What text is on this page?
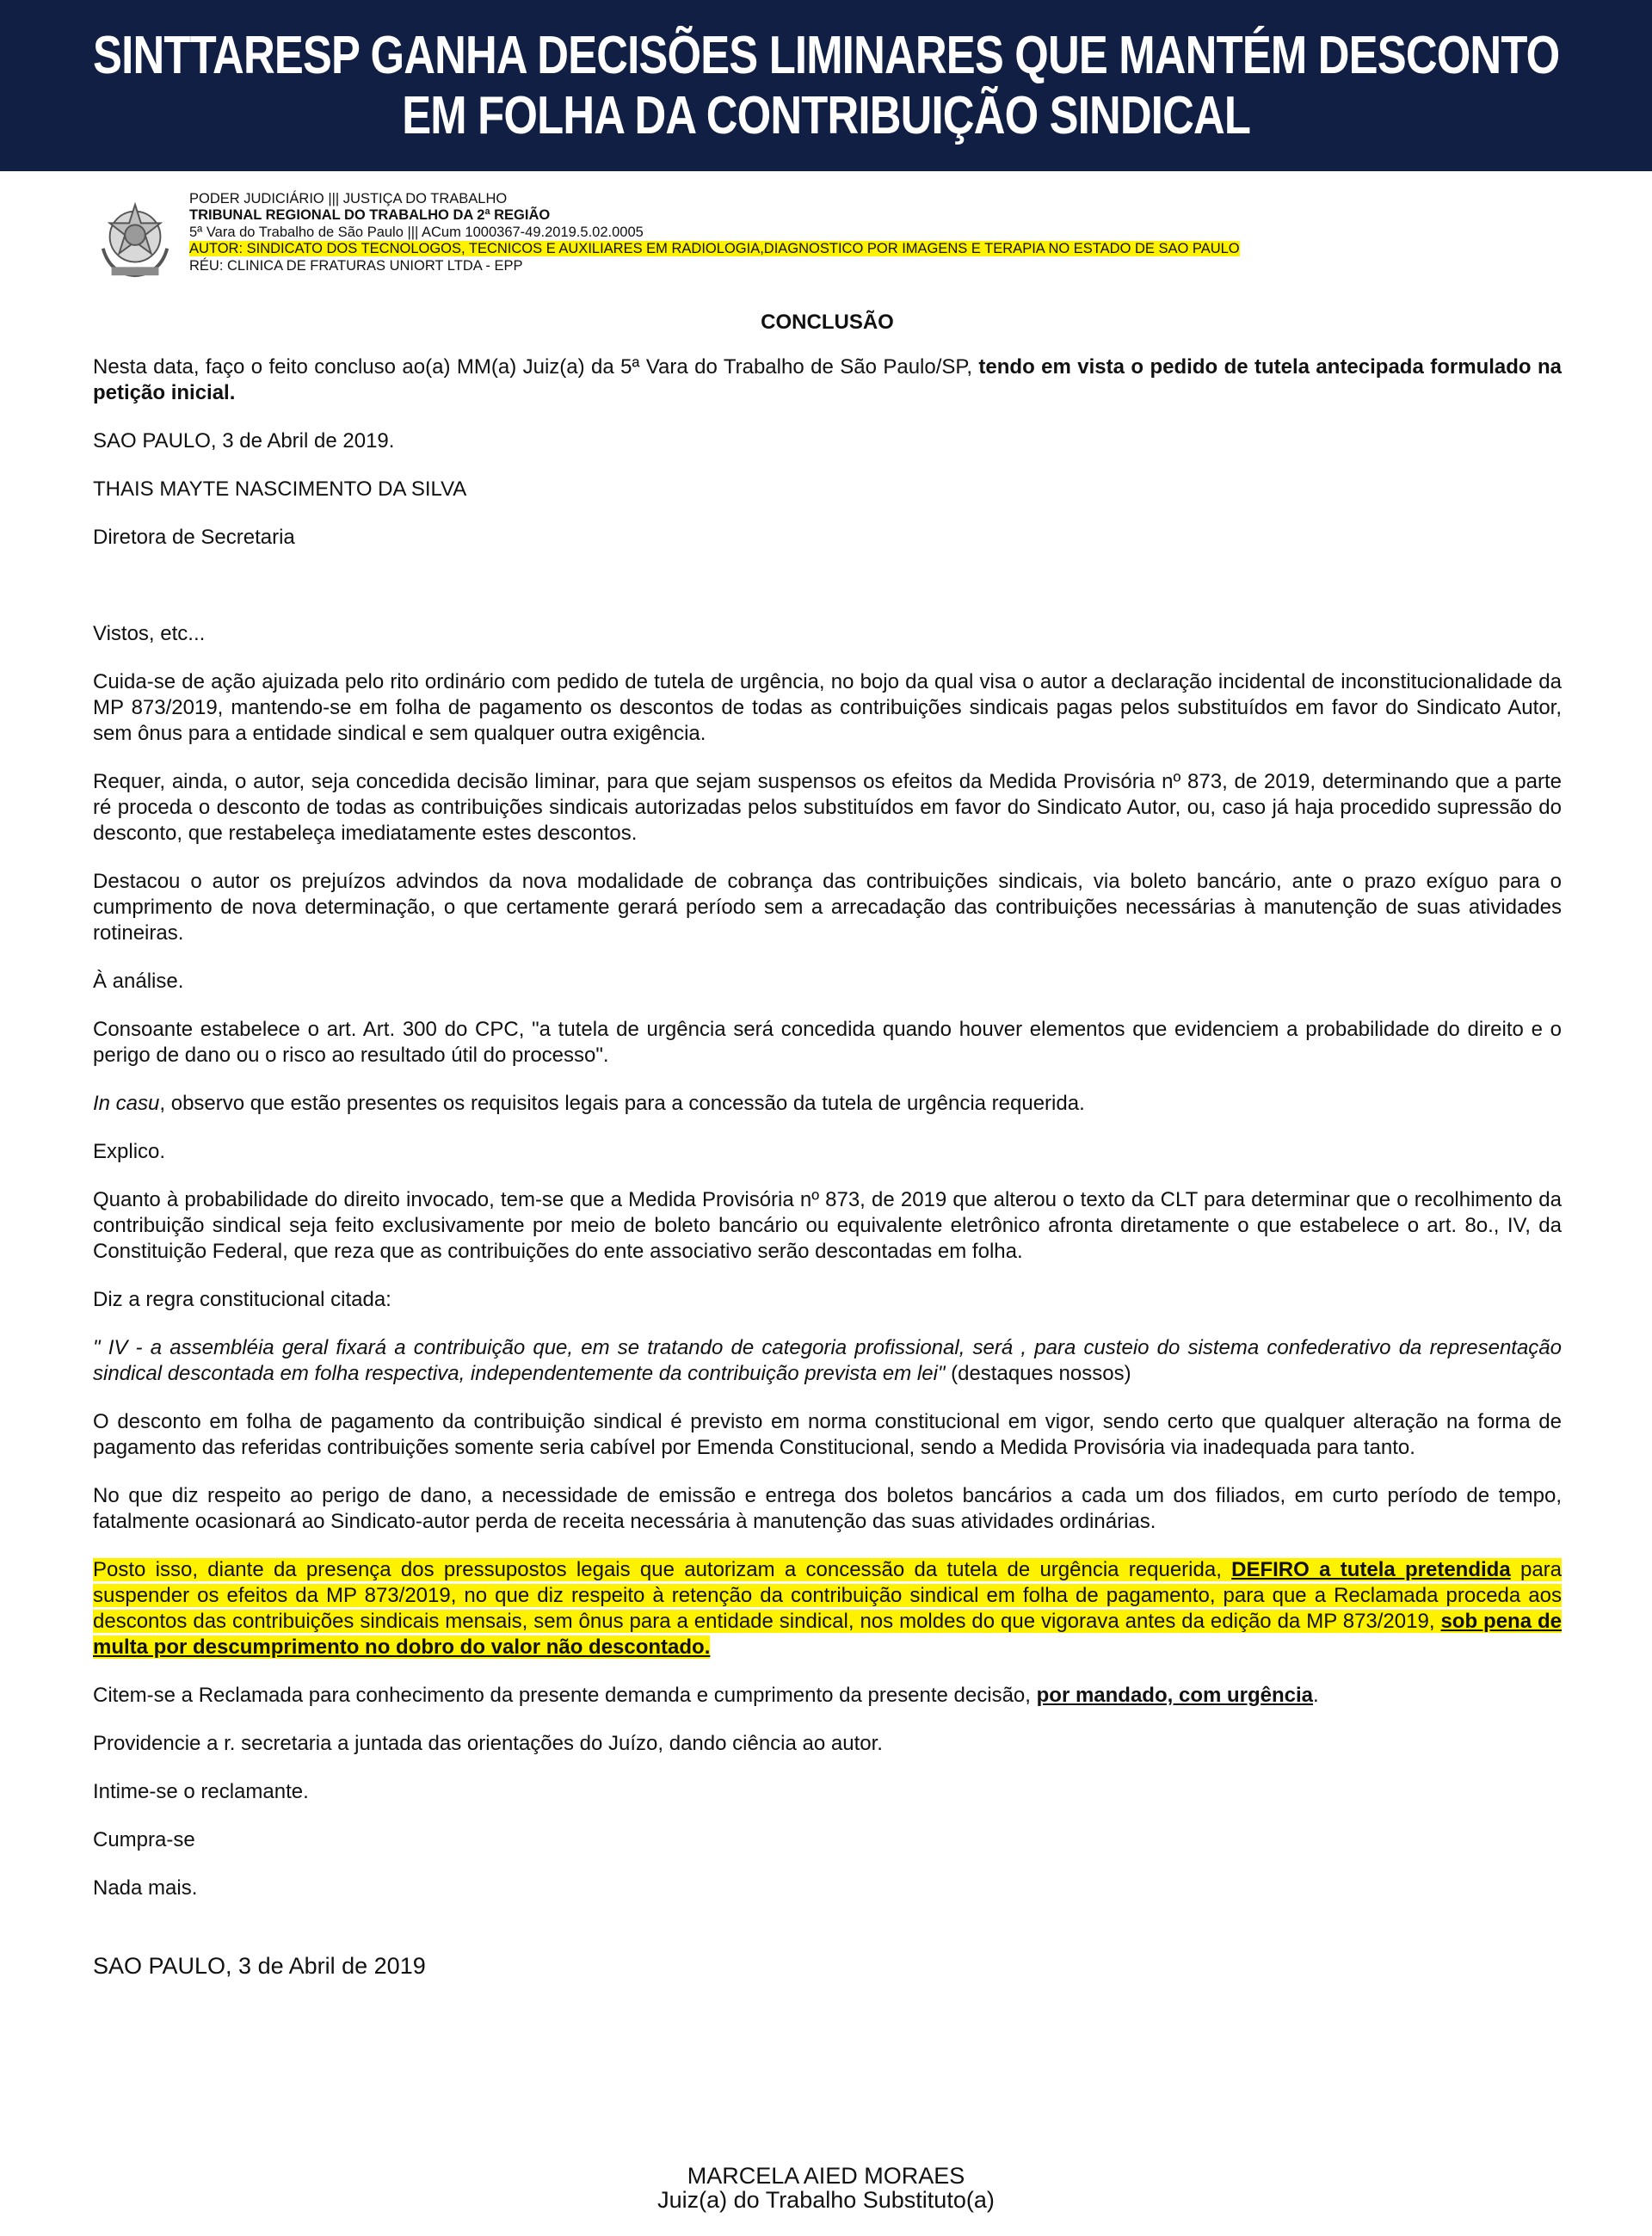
SINTTARESP GANHA DECISÕES LIMINARES QUE MANTÉM DESCONTO
EM FOLHA DA CONTRIBUIÇÃO SINDICAL
PODER JUDICIÁRIO ||| JUSTIÇA DO TRABALHO
TRIBUNAL REGIONAL DO TRABALHO DA 2ª REGIÃO
5ª Vara do Trabalho de São Paulo ||| ACum 1000367-49.2019.5.02.0005
AUTOR: SINDICATO DOS TECNOLOGOS, TECNICOS E AUXILIARES EM RADIOLOGIA,DIAGNOSTICO POR IMAGENS E TERAPIA NO ESTADO DE SAO PAULO
RÉU: CLINICA DE FRATURAS UNIORT LTDA - EPP

CONCLUSÃO

Nesta data, faço o feito concluso ao(a) MM(a) Juiz(a) da 5ª Vara do Trabalho de São Paulo/SP, tendo em vista o pedido de tutela antecipada formulado na petição inicial.

SAO PAULO, 3 de Abril de 2019.

THAIS MAYTE NASCIMENTO DA SILVA

Diretora de Secretaria

Vistos, etc...

Cuida-se de ação ajuizada pelo rito ordinário com pedido de tutela de urgência, no bojo da qual visa o autor a declaração incidental de inconstitucionalidade da MP 873/2019, mantendo-se em folha de pagamento os descontos de todas as contribuições sindicais pagas pelos substituídos em favor do Sindicato Autor, sem ônus para a entidade sindical e sem qualquer outra exigência.

Requer, ainda, o autor, seja concedida decisão liminar, para que sejam suspensos os efeitos da Medida Provisória nº 873, de 2019, determinando que a parte ré proceda o desconto de todas as contribuições sindicais autorizadas pelos substituídos em favor do Sindicato Autor, ou, caso já haja procedido supressão do desconto, que restabeleça imediatamente estes descontos.

Destacou o autor os prejuízos advindos da nova modalidade de cobrança das contribuições sindicais, via boleto bancário, ante o prazo exíguo para o cumprimento de nova determinação, o que certamente gerará período sem a arrecadação das contribuições necessárias à manutenção de suas atividades rotineiras.

À análise.

Consoante estabelece o art. Art. 300 do CPC, "a tutela de urgência será concedida quando houver elementos que evidenciem a probabilidade do direito e o perigo de dano ou o risco ao resultado útil do processo".

In casu, observo que estão presentes os requisitos legais para a concessão da tutela de urgência requerida.

Explico.

Quanto à probabilidade do direito invocado, tem-se que a Medida Provisória nº 873, de 2019 que alterou o texto da CLT para determinar que o recolhimento da contribuição sindical seja feito exclusivamente por meio de boleto bancário ou equivalente eletrônico afronta diretamente o que estabelece o art. 8o., IV, da Constituição Federal, que reza que as contribuições do ente associativo serão descontadas em folha.

Diz a regra constitucional citada:

" IV - a assembléia geral fixará a contribuição que, em se tratando de categoria profissional, será , para custeio do sistema confederativo da representação sindical descontada em folha respectiva, independentemente da contribuição prevista em lei" (destaques nossos)

O desconto em folha de pagamento da contribuição sindical é previsto em norma constitucional em vigor, sendo certo que qualquer alteração na forma de pagamento das referidas contribuições somente seria cabível por Emenda Constitucional, sendo a Medida Provisória via inadequada para tanto.

No que diz respeito ao perigo de dano, a necessidade de emissão e entrega dos boletos bancários a cada um dos filiados, em curto período de tempo, fatalmente ocasionará ao Sindicato-autor perda de receita necessária à manutenção das suas atividades ordinárias.

Posto isso, diante da presença dos pressupostos legais que autorizam a concessão da tutela de urgência requerida, DEFIRO a tutela pretendida para suspender os efeitos da MP 873/2019, no que diz respeito à retenção da contribuição sindical em folha de pagamento, para que a Reclamada proceda aos descontos das contribuições sindicais mensais, sem ônus para a entidade sindical, nos moldes do que vigorava antes da edição da MP 873/2019, sob pena de multa por descumprimento no dobro do valor não descontado.

Citem-se a Reclamada para conhecimento da presente demanda e cumprimento da presente decisão, por mandado, com urgência.

Providencie a r. secretaria a juntada das orientações do Juízo, dando ciência ao autor.

Intime-se o reclamante.

Cumpra-se

Nada mais.

SAO PAULO, 3 de Abril de 2019

MARCELA AIED MORAES
Juiz(a) do Trabalho Substituto(a)
